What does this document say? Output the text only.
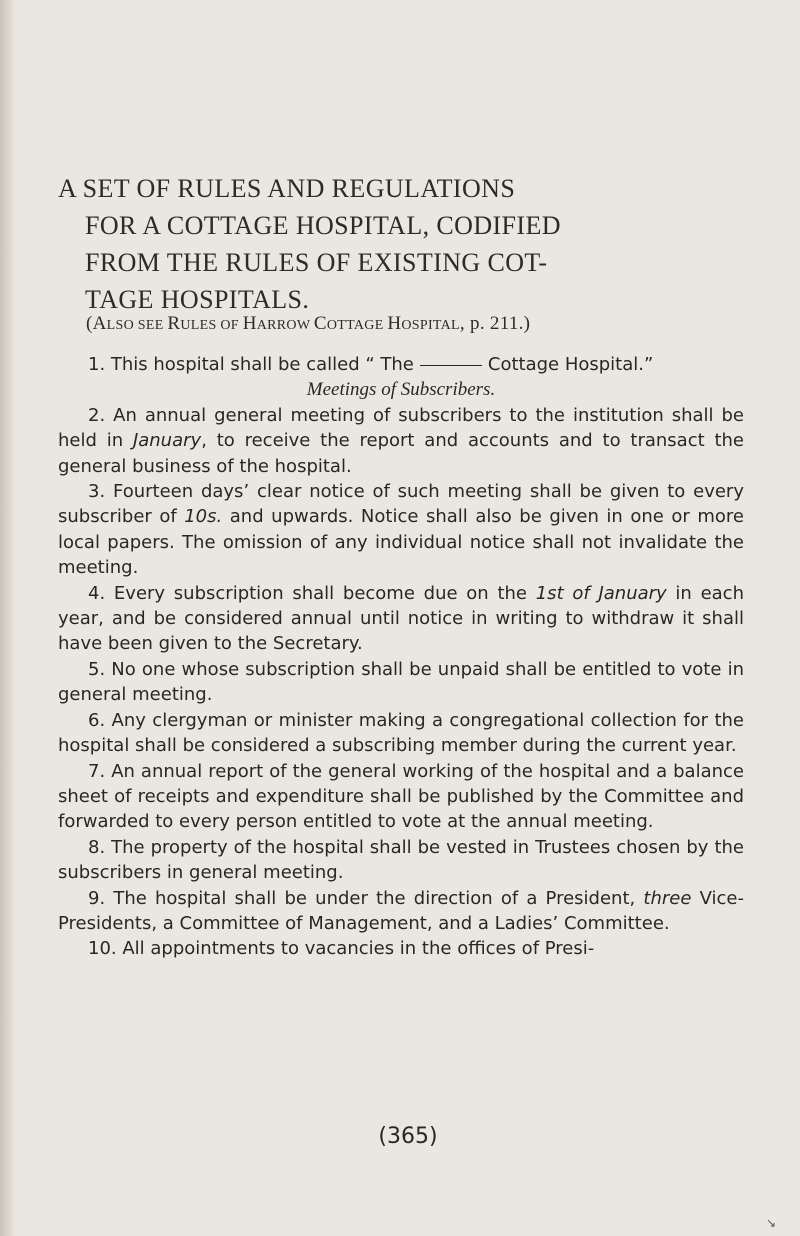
A SET OF RULES AND REGULATIONS
FOR A COTTAGE HOSPITAL, CODIFIED
FROM THE RULES OF EXISTING COT-
TAGE HOSPITALS.
(ALSO SEE RULES OF HARROW COTTAGE HOSPITAL, p. 211.)

1. This hospital shall be called “ The	Cottage Hospital.”

Meetings of Subscribers.

2. An annual general meeting of subscribers to the institution shall be held in January, to receive the report and accounts and to transact the general business of the hospital.

3. Fourteen days’ clear notice of such meeting shall be given to every subscriber of 10s. and upwards. Notice shall also be given in one or more local papers. The omission of any individual notice shall not invalidate the meeting.

4. Every subscription shall become due on the 1st of January in each year, and be considered annual until notice in writing to withdraw it shall have been given to the Secretary.

5. No one whose subscription shall be unpaid shall be entitled to vote in general meeting.

6. Any clergyman or minister making a congregational collection for the hospital shall be considered a subscribing member during the current year.

7. An annual report of the general working of the hospital and a balance sheet of receipts and expenditure shall be published by the Committee and forwarded to every person entitled to vote at the annual meeting.

8. The property of the hospital shall be vested in Trustees chosen by the subscribers in general meeting.

9. The hospital shall be under the direction of a President, three Vice-Presidents, a Committee of Management, and a Ladies’ Committee.

10. All appointments to vacancies in the offices of Presi-

(365)
↘
